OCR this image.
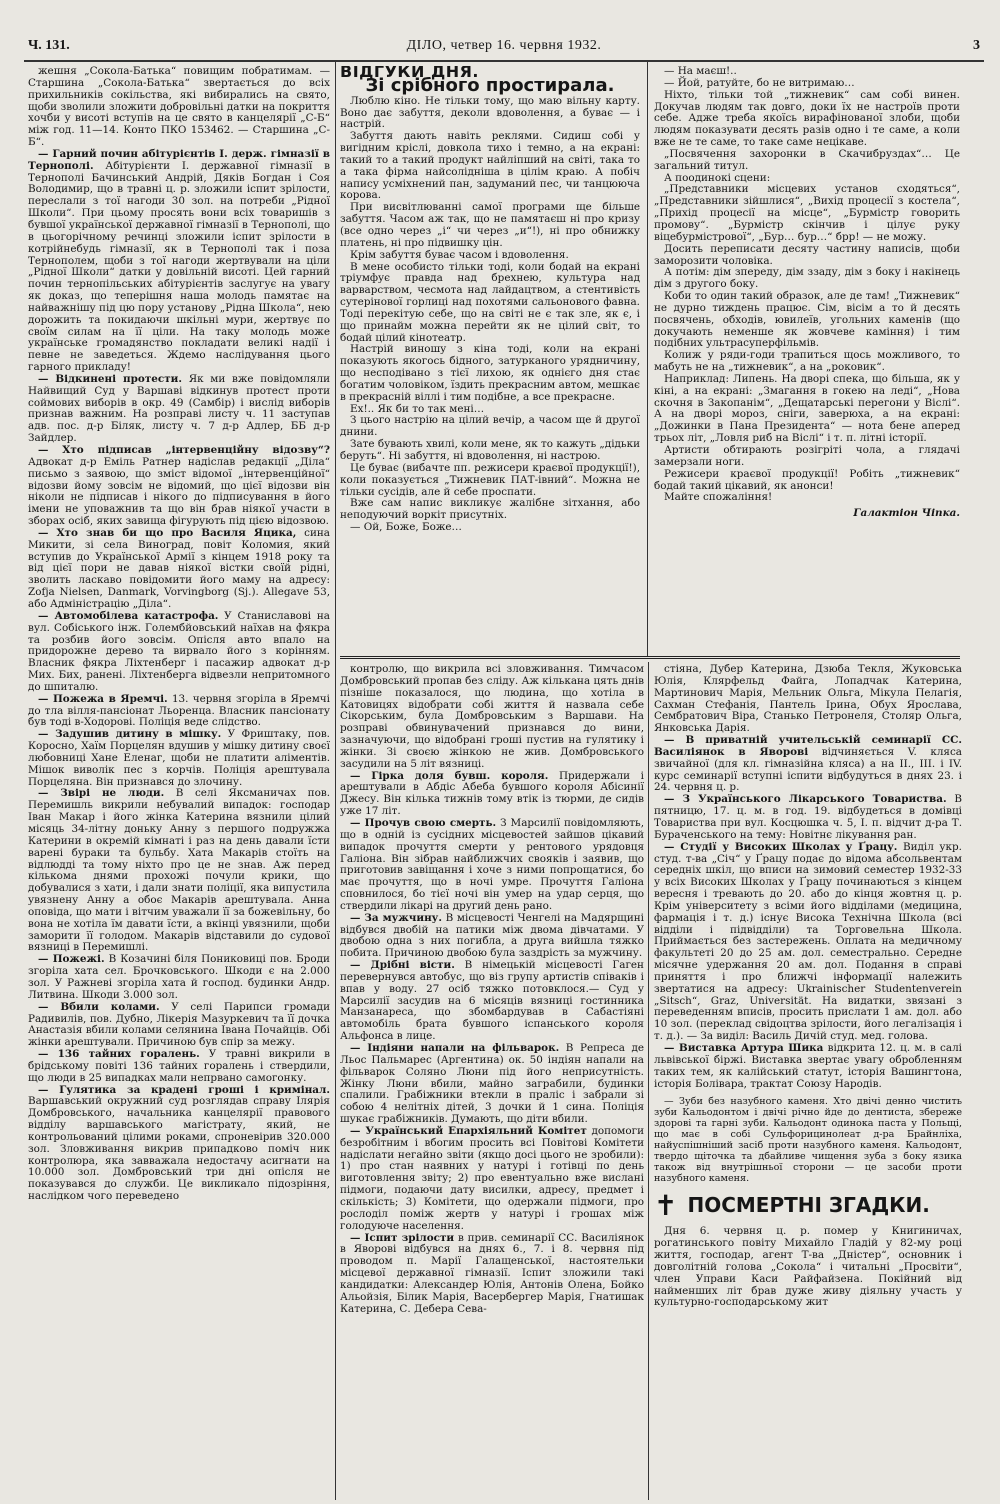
Ч. 131.	ДІЛО, четвер 16. червня 1932.	3

жешня „Сокола-Батька“ повищим побратимам. — Старшина „Сокола-Батька“ звертається до всіх прихильників сокільства, які вибирались на свято, щоби зволили зложити добровільні датки на покриття хочби у висоті вступів на це свято в канцелярії „С-Б“ між год. 11—14. Конто ПКО 153462. — Старшина „С-Б“.

— Гарний почин абітурієнтів І. держ. гімназії в Тернополі. Абітурієнти І. державної гімназії в Тернополі Бачинський Андрій, Дяків Богдан і Соя Володимир, що в травні ц. р. зложили іспит зрілости, переслали з тої нагоди 30 зол. на потреби „Рідної Школи“. При цьому просять вони всіх товаришів з бувшої української державної гімназії в Тернополі, що в цьогорічному речинці зложили іспит зрілости в котрійнебудь гімназії, як в Тернополі так і поза Тернополем, щоби з тої нагоди жертвували на ціли „Рідної Школи“ датки у довільній висоті. Цей гарний почин тернопільських абітурієнтів заслугує на увагу як доказ, що теперішня наша молодь памятає на найважнішу під цю пору установу „Рідна Школа“, нею дорожить та покидаючи шкільні мури, жертвує по своїм силам на її ціли. На таку молодь може українське громадянство покладати великі надії і певне не заведеться. Ждемо наслідування цього гарного прикладу!

— Відкинені протести. Як ми вже повідомляли Найвищий Суд у Варшаві відкинув протест проти соймових виборів в окр. 49 (Самбір) і вислід виборів признав важним. На розправі листу ч. 11 заступав адв. пос. д-р Біляк, листу ч. 7 д-р Адлер, ББ д-р Зайдлер.

— Хто підписав „інтервенційну відозву“? Адвокат д-р Еміль Ратнер надіслав редакції „Діла“ письмо з заявою, що зміст відомої „інтервенційної“ відозви йому зовсім не відомий, що цієї відозви він ніколи не підписав і нікого до підписування в його імени не уповажнив та що він брав ніякої участи в зборах осіб, яких завища фігурують під цією відозвою.

— Хто знав би що про Василя Яцика, сина Микити, зі села Виноград, повіт Коломия, який вступив до Української Армії з кінцем 1918 року та від цієї пори не давав ніякої вістки своїй рідні, зволить ласкаво повідомити його маму на адресу: Zofja Nielsen, Danmark, Vorvingborg (Sj.). Allegave 53, або Адміністрацію „Діла“.

— Автомобілева катастрофа. У Станиславові на вул. Собіського інж. Голембйовський наїхав на фякра та розбив його зовсім. Опісля авто впало на придорожне дерево та вирвало його з корінням. Власник фякра Ліхтенберг і пасажир адвокат д-р Мих. Бих, ранені. Ліхтенберга відвезли непритомного до шпиталю.

— Пожежа в Яремчі. 13. червня згоріла в Яремчі до тла вілля-пансіонат Льоренца. Власник пансіонату був тоді в-Ходорові. Поліція веде слідство.

— Задушив дитину в мішку. У Фриштаку, пов. Коросно, Хаїм Порцелян вдушив у мішку дитину своєї любовниці Хане Еленаг, щоби не платити аліментів. Мішок виволік пес з корчів. Поліція арештувала Порцеляна. Він признався до злочину.

— Звірі не люди. В селі Яксманичах пов. Перемишль викрили небувалий випадок: господар Іван Макар і його жінка Катерина вязнили цілий місяць 34-літну доньку Анну з першого подружжа Катерини в окремій кімнаті і раз на день давали їсти варені бураки та бульбу. Хата Макарів стоїть на відлюдді та тому ніхто про це не знав. Аж перед кількома днями прохожі почули крики, що добувалися з хати, і дали знати поліції, яка випустила увязнену Анну а обоє Макарів арештувала. Анна оповіда, що мати і вітчим уважали її за божевільну, бо вона не хотіла їм давати їсти, а вкінці увязнили, щоби заморити її голодом. Макарів відставили до судової вязниці в Перемишлі.

— Пожежі. В Козачині біля Пониковиці пов. Броди згоріла хата сел. Брочковського. Шкоди є на 2.000 зол. У Ражневі згоріла хата й господ. будинки Андр. Литвина. Шкоди 3.000 зол.

— Вбили колами. У селі Парипси громади Радивилів, пов. Дубно, Лікерія Мазуркевич та її дочка Анастазія вбили колами селянина Івана Почайців. Обі жінки арештували. Причиною був спір за межу.

— 136 тайних горалень. У травні викрили в брідському повіті 136 тайних горалень і ствердили, що люди в 25 випадках мали непрвано самогонку.

— Гулятика за крадені гроші і кримінал. Варшавський окружний суд розглядав справу Ілярія Домбровського, начальника канцелярії правового відділу варшавського магістрату, який, не контрольований цілими роками, спроневірив 320.000 зол. Зловживання викрив припадково поміч ник контролюра, яка завважала недостачу асигнати на 10.000 зол. Домбровський три дні опісля не показувався до служби. Це викликало підозріння, наслідком чого переведено

ВІДГУКИ ДНЯ.
Зі срібного простирала.

Люблю кіно. Не тільки тому, що маю вільну карту. Воно дає забуття, деколи вдоволення, а буває — і настрій.

Забуття дають навіть реклями. Сидиш собі у вигідним кріслі, довкола тихо і темно, а на екрані: такий то а такий продукт найліпший на світі, така то а така фірма найсолідніша в цілім краю. А побіч напису усміхнений пан, задуманий пес, чи танцююча корова.

При висвітлюванні самої програми ще більше забуття. Часом аж так, що не памятаєш ні про кризу (все одно через „і“ чи через „и“!), ні про обнижку платень, ні про підвишку цін.

Крім забуття буває часом і вдоволення.

В мене особисто тільки тоді, коли бодай на екрані тріумфує правда над брехнею, культура над варварством, чесмота над лайдацтвом, а стентивість сутерінової горлиці над похотями сальонового фавна. Тоді перекітую себе, що на світі не є так зле, як є, і що принайм можна перейти як не цілий світ, то бодай цілий кінотеатр.

Настрій виношу з кіна тоді, коли на екрані показують якогось бідного, затурканого урядничину, що несподівано з тієї лихою, як однієго дня стає богатим чоловіком, їздить прекрасним автом, мешкає в прекрасній віллі і тим подібне, а все прекрасне.

Ех!.. Як би то так мені…

З цього настрію на цілий вечір, а часом ще й другої днини.

Зате бувають хвилі, коли мене, як то кажуть „дідьки беруть“. Ні забуття, ні вдоволення, ні настрою.

Це буває (вибачте пп. режисери краєвої продукції!), коли показується „Тижневик ПАТ-івний“. Можна не тільки сусідів, але й себе проспати.

Вже сам напис викликує жалібне зітхання, або неподуючий воркіт присутніх.

— Ой, Боже, Боже…

— На маєш!..

— Йой, ратуйте, бо не витримаю…

Ніхто, тільки той „тижневик“ сам собі винен. Докучав людям так довго, доки їх не настроїв проти себе. Адже треба якоїсь вирафінованої злоби, щоби людям показувати десять разів одно і те саме, а коли вже не те саме, то таке саме нецікаве.

„Посвячення захоронки в Скачибруздах“… Це загальний титул.

А поодинокі сцени:

„Представники місцевих установ сходяться“, „Представники зійшлися“, „Вихід процесії з костела“, „Прихід процесії на місце“, „Бурмістр говорить промову“. „Бурмістр скінчив і цілує руку віцебурмістрової“, „Бур… бур…“ брр! — не можу.

Досить переписати десяту частину написів, щоби заморозити чоловіка.

А потім: дім зпереду, дім ззаду, дім з боку і накінець дім з другого боку.

Коби то один такий образок, але де там! „Тижневик“ не дурно тиждень працює. Сім, вісім а то й десять посвячень, обходів, ювилеїв, угольних каменів (що докучають неменше як жовчеве каміння) і тим подібних ультрасуперфільмів.

Колиж у ряди-годи трапиться щось можливого, то мабуть не на „тижневик“, а на „роковик“.

Наприклад: Липень. На дворі спека, що більша, як у кіні, а на екрані: „Змагання в гокею на леді“, „Нова скочня в Закопанім“, „Дещатарські перегони у Віслі“. А на дворі мороз, сніги, заверюха, а на екрані: „Дожинки в Пана Президента“ — нота бене аперед трьох літ, „Ловля риб на Віслі“ і т. п. літні історії.

Артисти обтирають розігріті чола, а глядачі замерзали ноги.

Режисери краєвої продукції! Робіть „тижневик“ бодай такий цікавий, як анонси!

Майте спожаління!

Галактіон Чіпка.

контролю, що викрила всі зловживання. Тимчасом Домбровський пропав без сліду. Аж кількана цять днів пізніше показалося, що людина, що хотіла в Катовицях відобрати собі життя й назвала себе Сікорським, була Домбровським з Варшави. На розправі обвинувачений признався до вини, зазначуючи, що відобрані гроші пустив на гулятику і жінки. Зі своєю жінкою не жив. Домбровського засудили на 5 літ вязниці.

— Гірка доля бувш. короля. Придержали і арештували в Абдіс Абеба бувшого короля Абісинії Джесу. Він кілька тижнів тому втік із тюрми, де сидів уже 17 літ.

— Прочув свою смерть. З Марсилії повідомляють, що в одній із сусідних місцевостей зайшов цікавий випадок прочуття смерти у рентового урядовця Галіона. Він зібрав найближчих свояків і заявив, що приготовив завіщання і хоче з ними попрощатися, бо має прочуття, що в ночі умре. Прочуття Галіона сповнилося, бо тієї ночі він умер на удар серця, що ствердили лікарі на другий день рано.

— За мужчину. В місцевості Ченгелі на Мадярщині відбувся двобій на патики між двома дівчатами. У двобою одна з них погибла, а друга вийшла тяжко побита. Причиною двобою була заздрість за мужчину.

— Дрібні вісти. В німецькій місцевості Гаген перевернувся автобус, що віз групу артистів співаків і впав у воду. 27 осіб тяжко потовклося.— Суд у Марсилії засудив на 6 місяців вязниці гостинника Манзанареса, що збомбардував в Сабастіяні автомобіль брата бувшого іспанського короля Альфонса в лице.

— Індіяни напали на фільварок. В Репреса де Льос Пальмарес (Аргентина) ок. 50 індіян напали на фільварок Соляно Люни під його неприсутність. Жінку Люни вбили, майно заграбили, будинки спалили. Грабіжники втекли в праліс і забрали зі собою 4 нелітніх дітей, 3 дочки й 1 сина. Поліція шукає грабіжників. Думають, що діти вбили.

— Український Епархіяльний Комітет допомоги безробітним і вбогим просить всі Повітові Комітети надіслати негайно звіти (якщо досі цього не зробили): 1) про стан наявних у натурі і готівці по день виготовлення звіту; 2) про евентуально вже вислані підмоги, подаючи дату висилки, адресу, предмет і скількість; 3) Комітети, що одержали підмоги, про рослоділ поміж жертв у натурі і грошах між голодуюче населення.

— Іспит зрілости в прив. семинарії СС. Василіянок в Яворові відбувся на днях 6., 7. і 8. червня під проводом п. Марії Галащенської, настоятельки місцевої державної гімназії. Іспит зложили такі кандидатки: Александер Юлія, Антонів Олена, Бойко Альойзія, Білик Марія, Васербергер Марія, Гнатишак Катерина, С. Дебера Сева-

стіяна, Дубер Катерина, Дзюба Текля, Жуковська Юлія, Клярфельд Файга, Лопадчак Катерина, Мартинович Марія, Мельник Ольга, Мікула Пелагія, Сахман Стефанія, Пантель Ірина, Обух Ярослава, Сембратович Віра, Станько Петронеля, Столяр Ольга, Янковська Дарія.

— В приватній учительській семинарії СС. Василіянок в Яворові відчиняється V. кляса звичайної (для кл. гімназійна кляса) а на II., III. і IV. курс семинарії вступні іспити відбудуться в днях 23. і 24. червня ц. р.

— З Українського Лікарського Товариства. В пятницю, 17. ц. м. в год. 19. відбудеться в домівці Товариства при вул. Косцюшка ч. 5, І. п. відчит д-ра Т. Бураченського на тему: Новітнє лікування ран.

— Студії у Високих Школах у Ґрацу. Виділ укр. студ. т-ва „Січ“ у Ґрацу подає до відома абсольвентам середніх шкіл, що вписи на зимовий семестер 1932-33 у всіх Високих Школах у Ґрацу починаються з кінцем вересня і тревають до 20. або до кінця жовтня ц. р. Крім університету з всіми його відділами (медицина, фармація і т. д.) існує Висока Технічна Школа (всі відділи і підвідділи) та Торговельна Школа. Приймається без застережень. Оплата на медичному факультеті 20 до 25 ам. дол. семестрально. Середне місячне удержання 20 ам. дол. Подання в справі приняття і про ближчі інформації належить звертатися на адресу: Ukrainischer Studentenverein „Sitsch“, Graz, Universität. На видатки, звязані з переведенням вписів, просить прислати 1 ам. дол. або 10 зол. (переклад свідоцтва зрілости, його легалізація і т. д.). — За виділ: Василь Дичій студ. мед. голова.

— Виставка Артура Шика відкрита 12. ц. м. в салі львівської біржі. Виставка звертає увагу обробленням таких тем, як калійський статут, історія Вашингтона, історія Болівара, трактат Союзу Народів.

— Зуби без назубного каменя. Хто двічі денно чистить зуби Кальодонтом і двічі річно йде до дентиста, збереже здорові та гарні зуби. Кальодонт одинока паста у Польщі, що має в собі Сульфорицинолеат д-ра Брайнліха, найуспішніший засіб проти назубного каменя. Кальодонт, твердо щіточка та дбайливе чищення зуба з боку язика також від внутрішньої сторони — це засоби проти назубного каменя.

✝ ПОСМЕРТНІ ЗГАДКИ.

Дня 6. червня ц. р. помер у Книгиничах, рогатинського повіту Михайло Гладій у 82-му році життя, господар, агент Т-ва „Дністер“, основник і довголітній голова „Сокола“ і читальні „Просвіти“, член Управи Каси Райфайзена. Покійний від найменших літ брав дуже живу діяльну участь у культурно-господарському жит
